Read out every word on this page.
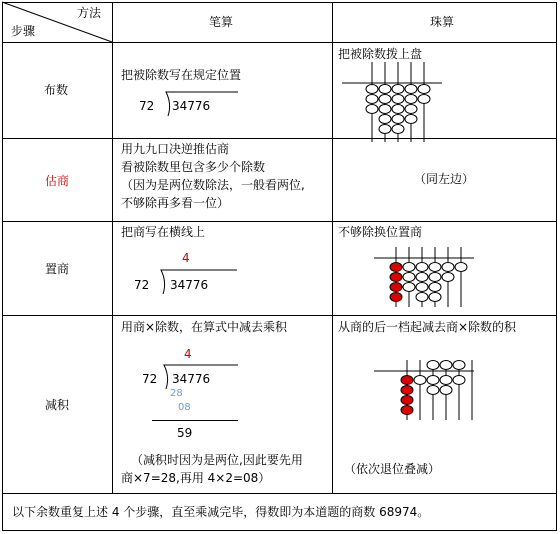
方法
步骤
笔算	珠算
布数
把被除数写在规定位置
72 34776
把被除数拨上盘
估商
用九九口决逆推估商
看被除数里包含多少个除数
（因为是两位数除法，一般看两位,
不够除再多看一位）
（同左边）
置商
把商写在横线上
4
72 34776
不够除换位置商
减积
用商×除数，在算式中减去乘积
4
72 34776
28
08
59
（减积时因为是两位,因此要先用
商×7=28,再用 4×2=08）
从商的后一档起减去商×除数的积
（依次退位叠减）
以下余数重复上述 4 个步骤，直至乘减完毕，得数即为本道题的商数 68974。
